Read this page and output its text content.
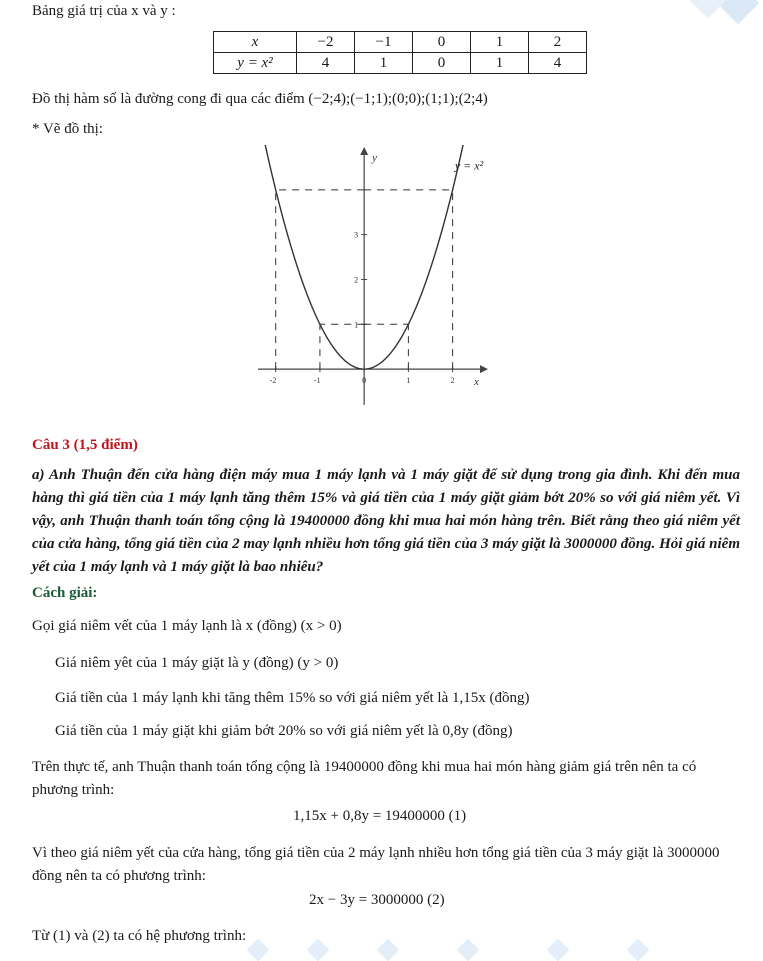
Bảng giá trị của x và y :
x	−2	−1	0	1	2
y = x²	4	1	0	1	4
Đồ thị hàm số là đường cong đi qua các điểm (−2;4);(−1;1);(0;0);(1;1);(2;4)
* Vẽ đồ thị:
x
y
-2	-1	0	1	2
1
2
3
y = x²
Câu 3 (1,5 điểm)
a) Anh Thuận đến cửa hàng điện máy mua 1 máy lạnh và 1 máy giặt để sử dụng trong gia đình. Khi đến mua hàng thì giá tiền của 1 máy lạnh tăng thêm 15% và giá tiền của 1 máy giặt giảm bớt 20% so với giá niêm yết. Vì vậy, anh Thuận thanh toán tổng cộng là 19400000 đồng khi mua hai món hàng trên. Biết rằng theo giá niêm yết của cửa hàng, tổng giá tiền của 2 may lạnh nhiều hơn tổng giá tiền của 3 máy giặt là 3000000 đồng. Hỏi giá niêm yết của 1 máy lạnh và 1 máy giặt là bao nhiêu?
Cách giải:
Gọi giá niêm vết của 1 máy lạnh là x (đồng) (x > 0)
Giá niêm yêt của 1 máy giặt là y (đồng) (y > 0)
Giá tiền của 1 máy lạnh khi tăng thêm 15% so với giá niêm yết là 1,15x (đồng)
Giá tiền của 1 máy giặt khi giảm bớt 20% so với giá niêm yết là 0,8y (đồng)
Trên thực tế, anh Thuận thanh toán tổng cộng là 19400000 đồng khi mua hai món hàng giảm giá trên nên ta có phương trình:
1,15x + 0,8y = 19400000 (1)
Vì theo giá niêm yết của cửa hàng, tổng giá tiền của 2 máy lạnh nhiều hơn tổng giá tiền của 3 máy giặt là 3000000 đồng nên ta có phương trình:
2x − 3y = 3000000 (2)
Từ (1) và (2) ta có hệ phương trình:
